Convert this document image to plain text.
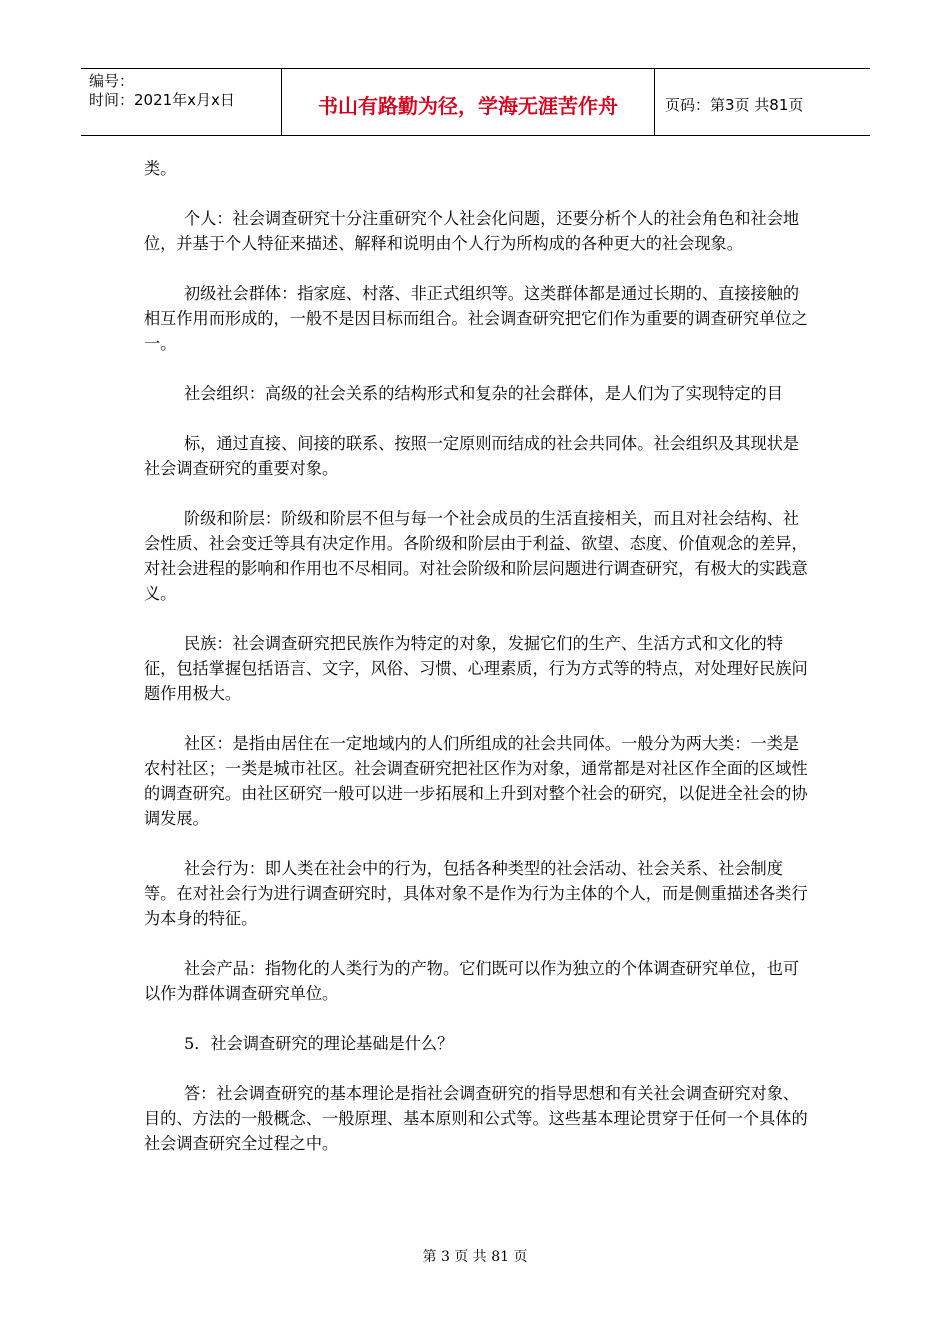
编号：
时间：2021年x月x日	书山有路勤为径，学海无涯苦作舟	页码：第3页 共81页

类。

个人：社会调查研究十分注重研究个人社会化问题，还要分析个人的社会角色和社会地位，并基于个人特征来描述、解释和说明由个人行为所构成的各种更大的社会现象。

初级社会群体：指家庭、村落、非正式组织等。这类群体都是通过长期的、直接接触的相互作用而形成的，一般不是因目标而组合。社会调查研究把它们作为重要的调查研究单位之一。

社会组织：高级的社会关系的结构形式和复杂的社会群体，是人们为了实现特定的目

标，通过直接、间接的联系、按照一定原则而结成的社会共同体。社会组织及其现状是社会调查研究的重要对象。

阶级和阶层：阶级和阶层不但与每一个社会成员的生活直接相关，而且对社会结构、社会性质、社会变迁等具有决定作用。各阶级和阶层由于利益、欲望、态度、价值观念的差异，对社会进程的影响和作用也不尽相同。对社会阶级和阶层问题进行调查研究，有极大的实践意义。

民族：社会调查研究把民族作为特定的对象，发掘它们的生产、生活方式和文化的特征，包括掌握包括语言、文字，风俗、习惯、心理素质，行为方式等的特点，对处理好民族问题作用极大。

社区：是指由居住在一定地域内的人们所组成的社会共同体。一般分为两大类：一类是农村社区；一类是城市社区。社会调查研究把社区作为对象，通常都是对社区作全面的区域性的调查研究。由社区研究一般可以进一步拓展和上升到对整个社会的研究，以促进全社会的协调发展。

社会行为：即人类在社会中的行为，包括各种类型的社会活动、社会关系、社会制度等。在对社会行为进行调查研究时，具体对象不是作为行为主体的个人，而是侧重描述各类行为本身的特征。

社会产品：指物化的人类行为的产物。它们既可以作为独立的个体调查研究单位，也可以作为群体调查研究单位。

5．社会调查研究的理论基础是什么？

答：社会调查研究的基本理论是指社会调查研究的指导思想和有关社会调查研究对象、目的、方法的一般概念、一般原理、基本原则和公式等。这些基本理论贯穿于任何一个具体的社会调查研究全过程之中。

第 3 页 共 81 页
